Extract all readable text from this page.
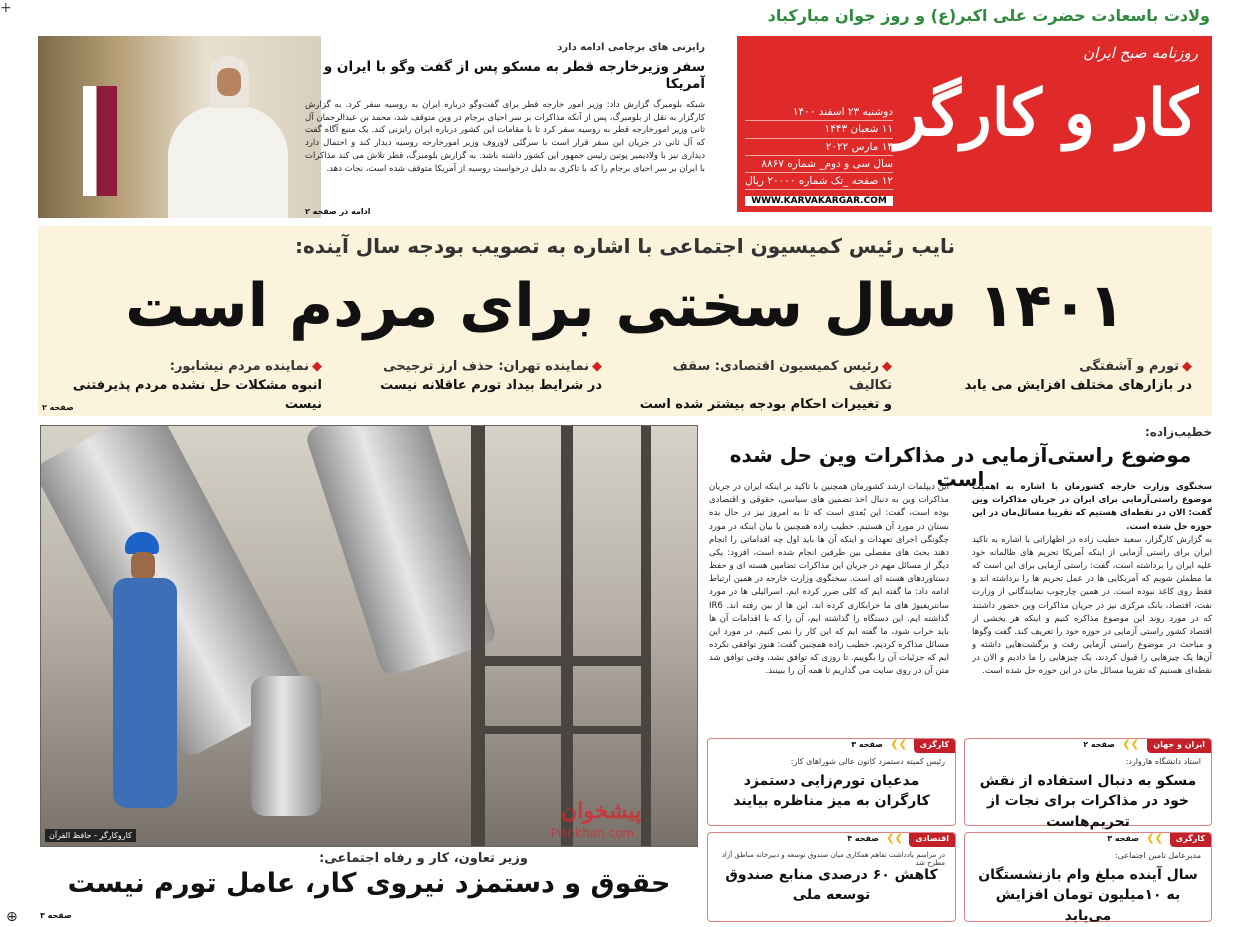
+	ولادت باسعادت حضرت علی اکبر(ع) و روز جوان مبارکباد
روزنامه صبح ایران
کار و کارگر
دوشنبه ۲۳ اسفند ۱۴۰۰
۱۱ شعبان ۱۴۴۳
۱۴ مارس ۲۰۲۲
سال سی و دوم_ شماره ۸۸۶۷
۱۲ صفحه _تک شماره ۲۰۰۰۰ ریال
WWW.KARVAKARGAR.COM
رایزنی های برجامی ادامه دارد
سفر وزیرخارجه قطر به مسکو پس از گفت وگو با ایران و آمریکا
شبکه بلومبرگ گزارش داد: وزیر امور خارجه قطر برای گفت‌وگو درباره ایران به روسیه سفر کرد. به گزارش کارگزار به نقل از بلومبرگ، پس از آنکه مذاکرات بر سر احیای برجام در وین متوقف شد، محمد بن عبدالرحمان آل ثانی وزیر امورخارجه قطر به روسیه سفر کرد تا با مقامات این کشور درباره ایران رایزنی کند. یک منبع آگاه گفت که آل ثانی در جریان این سفر قرار است با سرگئی لاوروف وزیر امورخارجه روسیه دیدار کند و احتمال دارد دیداری نیز با ولادیمیر پوتین رئیس جمهور این کشور داشته باشد. به گزارش بلومبرگ، قطر تلاش می کند مذاکرات با ایران بر سر احیای برجام را که با تاکری به دلیل درخواست روسیه از آمریکا متوقف شده است، نجات دهد.
ادامه در صفحه ۲
نایب رئیس کمیسیون اجتماعی با اشاره به تصویب بودجه سال آینده:
۱۴۰۱ سال سختی برای مردم است
◆تورم و آشفتگی
در بازارهای مختلف افزایش می یابد
◆رئیس کمیسیون اقتصادی: سقف تکالیف
و تغییرات احکام بودجه بیشتر شده است
◆نماینده تهران: حذف ارز ترجیحی
در شرایط بیداد تورم عاقلانه نیست
◆نماینده مردم نیشابور:
انبوه مشکلات حل نشده مردم پذیرفتنی نیست
صفحه ۲
کاروکارگر - حافظ القرآن
پیشخوان
Pishkhan.com
وزیر تعاون، کار و رفاه اجتماعی:
حقوق و دستمزد نیروی کار، عامل تورم نیست
صفحه ۳
خطیب‌زاده:
موضوع راستی‌آزمایی در مذاکرات وین حل شده است
سخنگوی وزارت خارجه کشورمان با اشاره به اهمیت موضوع راستی‌آزمایی برای ایران در جریان مذاکرات وین گفت: الان در نقطه‌ای هستیم که تقریبا مسائل‌مان در این حوزه حل شده است.
به گزارش کارگزار، سعید خطیب زاده در اظهاراتی با اشاره به تاکید ایران برای راستی آزمایی از اینکه آمریکا تحریم های ظالمانه خود علیه ایران را برداشته است، گفت: راستی آزمایی برای این است که ما مطمئن شویم که آمریکایی ها در عمل تحریم ها را برداشته اند و فقط روی کاغذ نبوده است. در همین چارچوب نمایندگانی از وزارت نفت، اقتصاد، بانک مرکزی نیز در جریان مذاکرات وین حضور داشتند که در مورد روند این موضوع مذاکره کنیم و اینکه هر بخشی از اقتصاد کشور راستی آزمایی در حوزه خود را تعریف کند. گفت وگوها و مباحث در موضوع راستی آزمایی رفت و برگشت‌هایی داشته و آن‌ها یک چیزهایی را قبول کردند، یک چیزهایی را ما دادیم و الان در نقطه‌ای هستیم که تقریبا مسائل مان در این حوزه حل شده است.
این دیپلمات ارشد کشورمان همچنین با تاکید بر اینکه ایران در جریان مذاکرات وین به دنبال اخذ تضمین های سیاسی، حقوقی و اقتصادی بوده است، گفت: این بُعدی است که تا به امروز نیز در حال بده بستان در مورد آن هستیم. خطیب زاده همچنین با بیان اینکه در مورد چگونگی اجرای تعهدات و اینکه آن ها باید اول چه اقداماتی را انجام دهند بحث های مفصلی بین طرفین انجام شده است، افزود: یکی دیگر از مسائل مهم در جریان این مذاکرات تضامین هسته ای و حفظ دستاوردهای هسته ای است. سخنگوی وزارت خارجه در همین ارتباط ادامه داد: ما گفته ایم که کلی ضرر کرده ایم. اسرائیلی ها در مورد سانتریفیوژ های ما خرابکاری کرده اند. این ها از بین رفته اند. IR6 گذاشته ایم. این دستگاه را گذاشته ایم، آن را که با اقدامات آن ها باید خراب شود، ما گفته ایم که این کار را نمی کنیم. در مورد این مسائل مذاکره کردیم. خطیب زاده همچنین گفت: هنوز توافقی نکرده ایم که جزئیات آن را بگوییم. تا روزی که توافق نشد، وقتی توافق شد متن آن در روی سایت می گذاریم تا همه آن را ببینند.
ایران و جهان
❯❯
صفحه ۲
استاد دانشگاه هاروارد:
مسکو به دنبال استفاده از نقش خود در مذاکرات برای نجات از تحریم‌هاست
کارگری
❯❯
صفحه ۳
رئیس کمیته دستمزد کانون عالی شوراهای کار:
مدعیان تورم‌زایی دستمزد کارگران به میز مناظره بیایند
کارگری
❯❯
صفحه ۳
مدیرعامل تامین اجتماعی:
سال آینده مبلغ وام بازنشستگان به ۱۰میلیون تومان افزایش می‌یابد
اقتصادی
❯❯
صفحه ۴
در مراسم یادداشت تفاهم همکاری میان صندوق توسعه و دبیرخانه مناطق آزاد مطرح شد
کاهش ۶۰ درصدی منابع صندوق توسعه ملی
⊕
